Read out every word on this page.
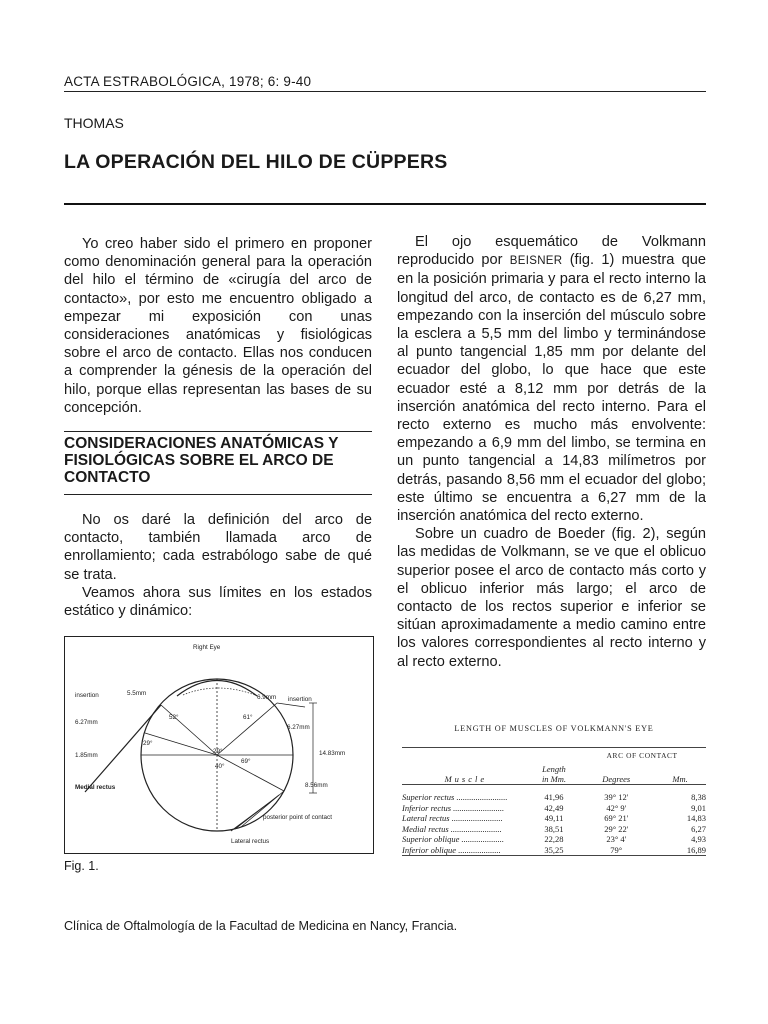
ACTA ESTRABOLÓGICA, 1978; 6: 9-40
THOMAS
LA OPERACIÓN DEL HILO DE CÜPPERS

Yo creo haber sido el primero en proponer como denominación general para la operación del hilo el término de «cirugía del arco de contacto», por esto me encuentro obligado a empezar mi exposición con unas consideraciones anatómicas y fisiológicas sobre el arco de contacto. Ellas nos conducen a comprender la génesis de la operación del hilo, porque ellas representan las bases de su concepción.

CONSIDERACIONES ANATÓMICAS Y FISIOLÓGICAS SOBRE EL ARCO DE CONTACTO

No os daré la definición del arco de contacto, también llamada arco de enrollamiento; cada estrabólogo sabe de qué se trata.

Veamos ahora sus límites en los estados estático y dinámico:

Right Eye
insertion
insertion
5.5mm
6.9mm
6.27mm
6.27mm
1.85mm	14.83mm
8.56mm
52°	61°
29°
29°
69°
40°
Medial rectus
posterior point of contact
Lateral rectus
Fig. 1.

El ojo esquemático de Volkmann reproducido por BEISNER (fig. 1) muestra que en la posición primaria y para el recto interno la longitud del arco, de contacto es de 6,27 mm, empezando con la inserción del músculo sobre la esclera a 5,5 mm del limbo y terminándose al punto tangencial 1,85 mm por delante del ecuador del globo, lo que hace que este ecuador esté a 8,12 mm por detrás de la inserción anatómica del recto interno. Para el recto externo es mucho más envolvente: empezando a 6,9 mm del limbo, se termina en un punto tangencial a 14,83 milímetros por detrás, pasando 8,56 mm el ecuador del globo; este último se encuentra a 6,27 mm de la inserción anatómica del recto externo.

Sobre un cuadro de Boeder (fig. 2), según las medidas de Volkmann, se ve que el oblicuo superior posee el arco de contacto más corto y el oblicuo inferior más largo; el arco de contacto de los rectos superior e inferior se sitúan aproximadamente a medio camino entre los valores correspondientes al recto interno y al recto externo.

LENGTH OF MUSCLES OF VOLKMANN'S EYE

		ARC OF CONTACT	
	Length		
Muscle	in Mm.	Degrees	Mm.

Superior rectus ........................	41,96	39° 12'	8,38
Inferior rectus ........................	42,49	42° 9'	9,01
Lateral rectus ........................	49,11	69° 21'	14,83
Medial rectus ........................	38,51	29° 22'	6,27
Superior oblique ....................	22,28	23° 4'	4,93
Inferior oblique ....................	35,25	79°	16,89

Clínica de Oftalmología de la Facultad de Medicina en Nancy, Francia.
